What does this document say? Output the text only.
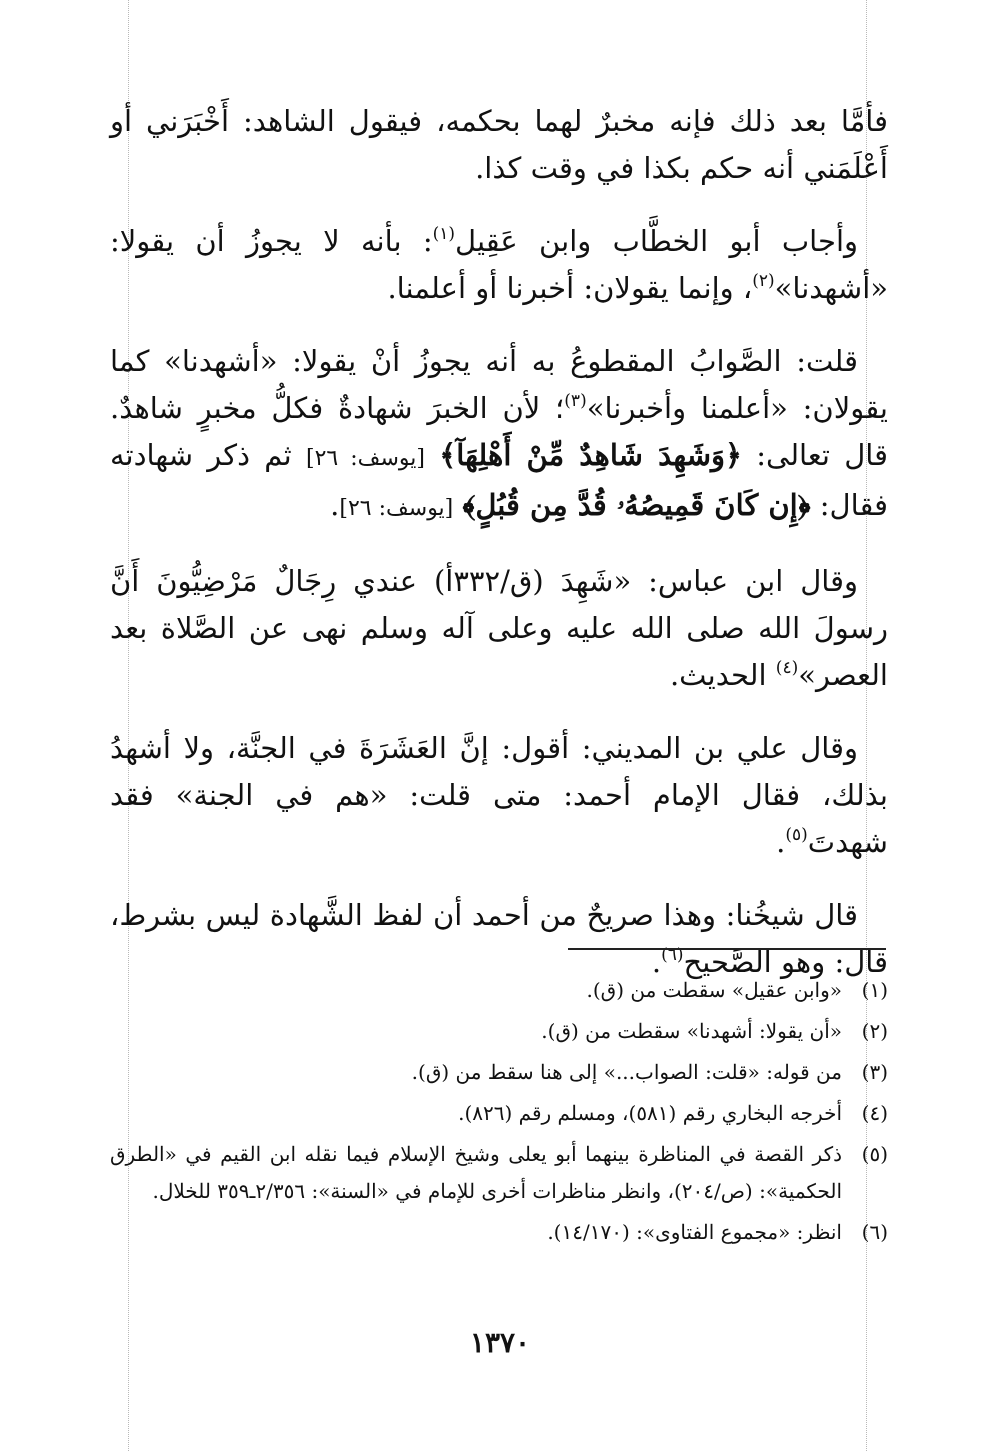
فأمَّا بعد ذلك فإنه مخبرٌ لهما بحكمه، فيقول الشاهد: أَخْبَرَني أو أَعْلَمَني أنه حكم بكذا في وقت كذا.

وأجاب أبو الخطَّاب وابن عَقِيل$^{(١)}$: بأنه لا يجوزُ أن يقولا: «أشهدنا»$^{(٢)}$، وإنما يقولان: أخبرنا أو أعلمنا.

قلت: الصَّوابُ المقطوعُ به أنه يجوزُ أنْ يقولا: «أشهدنا» كما يقولان: «أعلمنا وأخبرنا»$^{(٣)}$؛ لأن الخبرَ شهادةٌ فكلُّ مخبرٍ شاهدٌ. قال تعالى: ﴿وَشَهِدَ شَاهِدٌ مِّنْ أَهْلِهَآ﴾ [يوسف: ٢٦] ثم ذكر شهادته فقال: ﴿إِن كَانَ قَمِيصُهُۥ قُدَّ مِن قُبُلٍ﴾ [يوسف: ٢٦].

وقال ابن عباس: «شَهِدَ (ق/٣٣٢أ) عندي رِجَالٌ مَرْضِيُّونَ أَنَّ رسولَ الله صلى الله عليه وعلى آله وسلم نهى عن الصَّلاة بعد العصر»$^{(٤)}$ الحديث.

وقال علي بن المديني: أقول: إنَّ العَشَرَةَ في الجنَّة، ولا أشهدُ بذلك، فقال الإمام أحمد: متى قلت: «هم في الجنة» فقد شهدتَ$^{(٥)}$.

قال شيخُنا: وهذا صريحٌ من أحمد أن لفظ الشَّهادة ليس بشرط، قال: وهو الصَّحيح$^{(٦)}$.

(١)
«وابن عقيل» سقطت من (ق).
(٢)
«أن يقولا: أشهدنا» سقطت من (ق).
(٣)
من قوله: «قلت: الصواب...» إلى هنا سقط من (ق).
(٤)
أخرجه البخاري رقم (٥٨١)، ومسلم رقم (٨٢٦).
(٥)
ذكر القصة في المناظرة بينهما أبو يعلى وشيخ الإسلام فيما نقله ابن القيم في «الطرق الحكمية»: (ص/٢٠٤)، وانظر مناظرات أخرى للإمام في «السنة»: ٢/٣٥٦ـ٣٥٩ للخلال.
(٦)
انظر: «مجموع الفتاوى»: (١٤/١٧٠).
١٣٧٠
